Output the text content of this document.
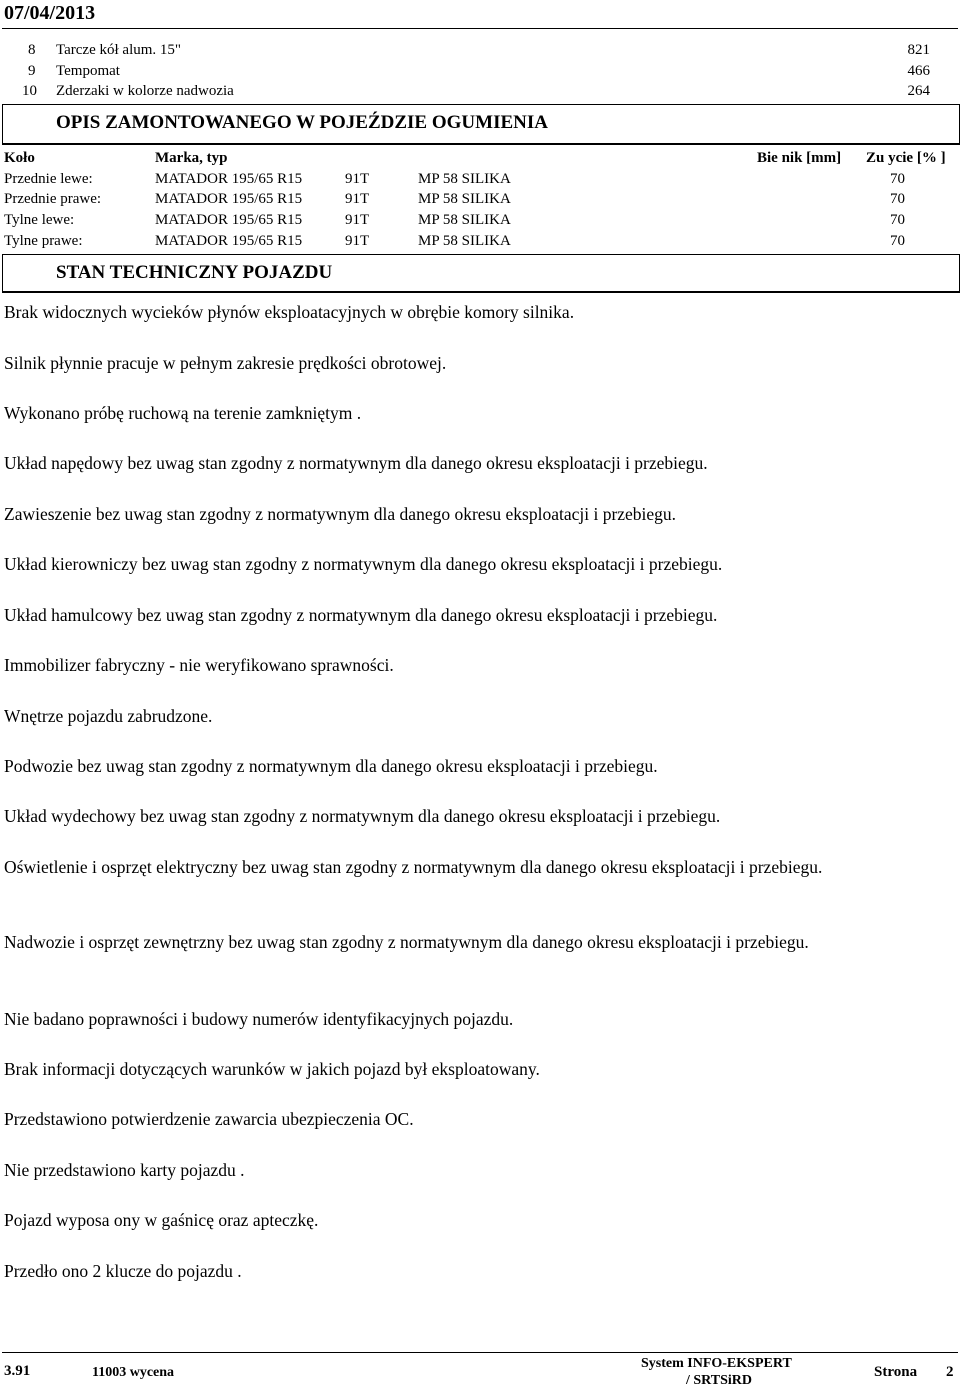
07/04/2013
8 Tarcze kół alum. 15"	821
9 Tempomat	466
10 Zderzaki w kolorze nadwozia	264
OPIS ZAMONTOWANEGO W POJEŹDZIE OGUMIENIA
Koło	Marka, typ	Bie nik [mm] Zu ycie [% ]
Przednie lewe:	MATADOR 195/65 R15	91T	MP 58 SILIKA	70
Przednie prawe:	MATADOR 195/65 R15	91T	MP 58 SILIKA	70
Tylne lewe:	MATADOR 195/65 R15	91T	MP 58 SILIKA	70
Tylne prawe:	MATADOR 195/65 R15	91T	MP 58 SILIKA	70
STAN TECHNICZNY POJAZDU
Brak widocznych wycieków płynów eksploatacyjnych w obrębie komory silnika.
Silnik płynnie pracuje w pełnym zakresie prędkości obrotowej.
Wykonano próbę ruchową na terenie zamkniętym .
Układ napędowy bez uwag stan zgodny z normatywnym dla danego okresu eksploatacji i przebiegu.
Zawieszenie bez uwag stan zgodny z normatywnym dla danego okresu eksploatacji i przebiegu.
Układ kierowniczy bez uwag stan zgodny z normatywnym dla danego okresu eksploatacji i przebiegu.
Układ hamulcowy bez uwag stan zgodny z normatywnym dla danego okresu eksploatacji i przebiegu.
Immobilizer fabryczny - nie weryfikowano sprawności.
Wnętrze pojazdu zabrudzone.
Podwozie bez uwag stan zgodny z normatywnym dla danego okresu eksploatacji i przebiegu.
Układ wydechowy bez uwag stan zgodny z normatywnym dla danego okresu eksploatacji i przebiegu.
Oświetlenie i osprzęt elektryczny bez uwag stan zgodny z normatywnym dla danego okresu eksploatacji i przebiegu.
Nadwozie i osprzęt zewnętrzny bez uwag stan zgodny z normatywnym dla danego okresu eksploatacji i przebiegu.
Nie badano poprawności i budowy numerów identyfikacyjnych pojazdu.
Brak informacji dotyczących warunków w jakich pojazd był eksploatowany.
Przedstawiono potwierdzenie zawarcia ubezpieczenia OC.
Nie przedstawiono karty pojazdu .
Pojazd wyposa ony w gaśnicę oraz apteczkę.
Przedło ono 2 klucze do pojazdu .
3.91	11003 wycena
System INFO-EKSPERT
/ SRTSiRD
Strona 2
